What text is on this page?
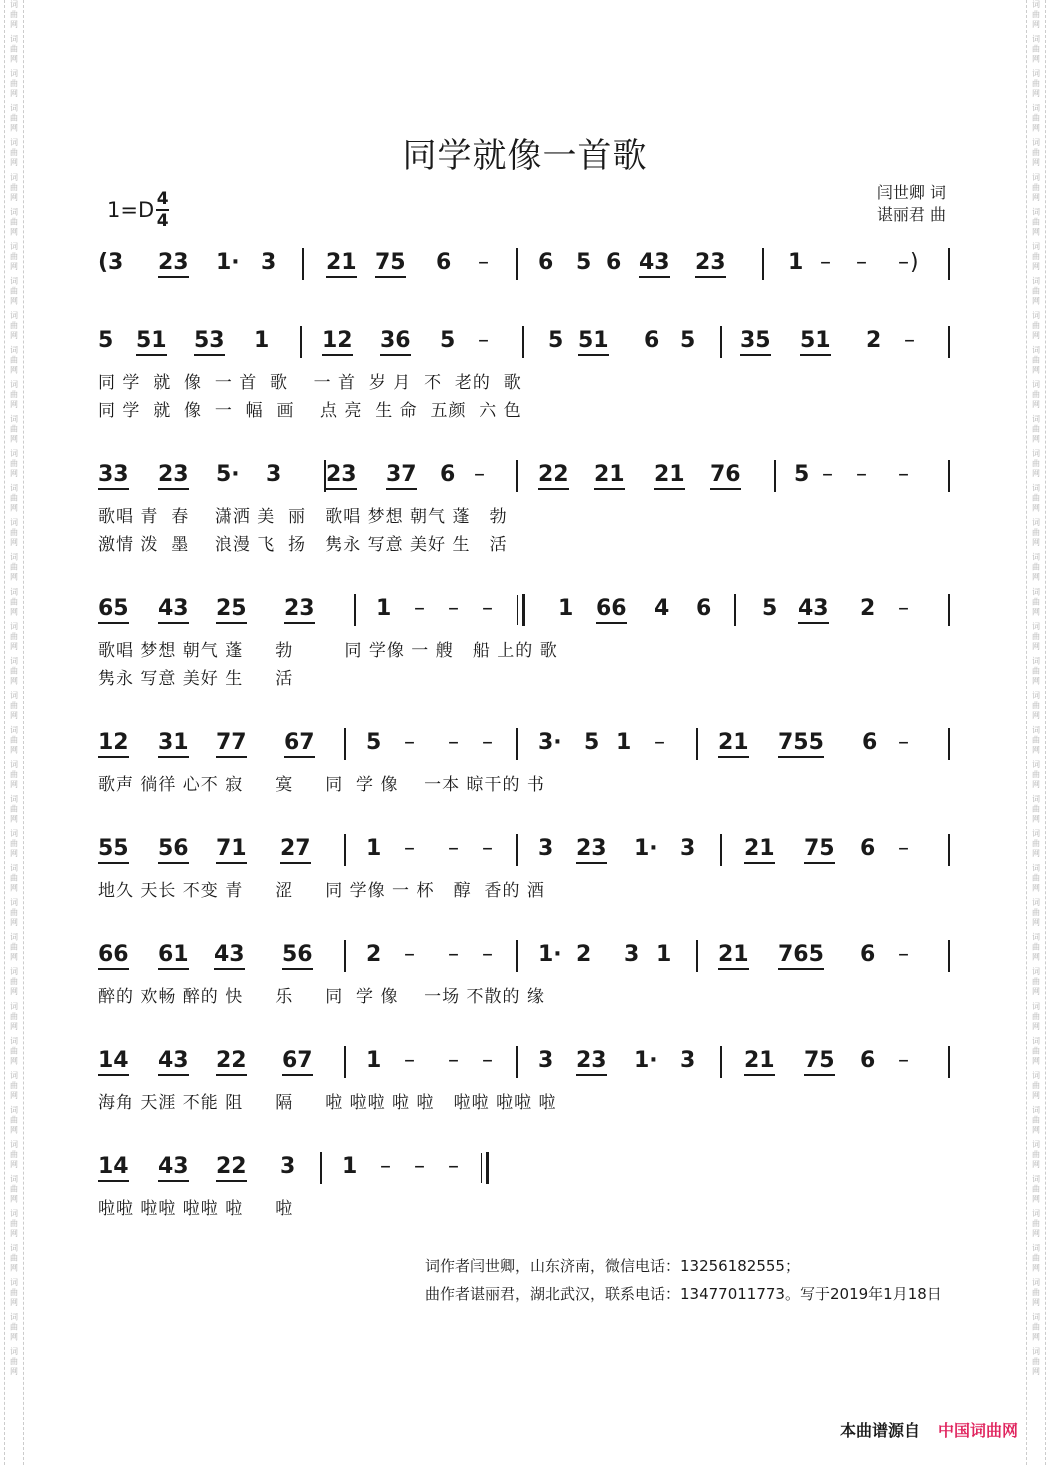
词曲网 词曲网 词曲网 词曲网 词曲网 词曲网 词曲网 词曲网 词曲网 词曲网 词曲网 词曲网 词曲网 词曲网 词曲网 词曲网 词曲网 词曲网 词曲网 词曲网 词曲网 词曲网 词曲网 词曲网 词曲网 词曲网 词曲网 词曲网 词曲网 词曲网 词曲网 词曲网 词曲网 词曲网 词曲网 词曲网 词曲网 词曲网 词曲网 词曲网	词曲网 词曲网 词曲网 词曲网 词曲网 词曲网 词曲网 词曲网 词曲网 词曲网 词曲网 词曲网 词曲网 词曲网 词曲网 词曲网 词曲网 词曲网 词曲网 词曲网 词曲网 词曲网 词曲网 词曲网 词曲网 词曲网 词曲网 词曲网 词曲网 词曲网 词曲网 词曲网 词曲网 词曲网 词曲网 词曲网 词曲网 词曲网 词曲网 词曲网
同学就像一首歌
$1=D \frac{4}{4}$	闫世卿 词
谌丽君 曲
(3 23 1· 3 21 75 6 – 6 5 6 43 23	1 – – – )
5 51 53 1 12 36 5 –	5 51 6 5 35 51 2 –
33 23 5· 3 23 37 6 – 22 21 21 76 5 – – –
65 43 25 23	1 – – –	1 66 4 6 5 43 2 –
12 31 77 67 5 – – – 3· 5 1 – 21 755 6 –
55 56 71 27	1 – – – 3 23 1· 3 21 75 6 –
66 61 43 56 2 – – – 1· 2 3 1 21 765 6 –
14 43 22 67 1 – – – 3 23 1· 3 21 75 6 –
14 43 22 3 1 – – –
同 学  就  像  一 首  歌    一 首  岁 月  不  老的  歌
同 学  就  像  一  幅  画    点 亮  生 命  五颜  六 色
歌唱 青  春    潇洒 美  丽   歌唱 梦想 朝气 蓬   勃
激情 泼  墨    浪漫 飞  扬   隽永 写意 美好 生   活
歌唱 梦想 朝气 蓬     勃        同 学像 一 艘   船 上的 歌
隽永 写意 美好 生     活
歌声 徜徉 心不 寂     寞     同  学 像    一本 晾干的 书
地久 天长 不变 青     涩     同 学像 一 杯   醇  香的 酒
醉的 欢畅 醉的 快     乐     同  学 像    一场 不散的 缘
海角 天涯 不能 阻     隔     啦 啦啦 啦 啦   啦啦 啦啦 啦
啦啦 啦啦 啦啦 啦     啦
词作者闫世卿，山东济南，微信电话：13256182555；
曲作者谌丽君，湖北武汉，联系电话：13477011773。写于2019年1月18日
本曲谱源自 中国词曲网
